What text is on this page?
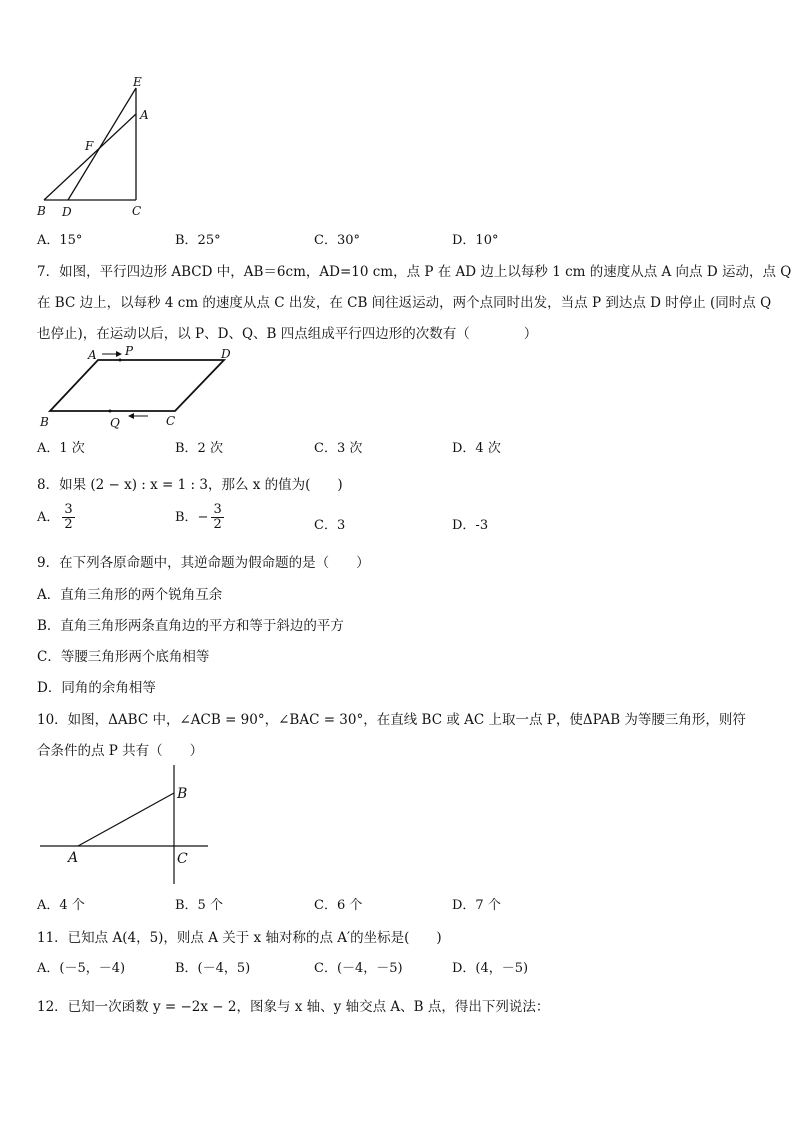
E
A
F
B D	C
A．15°	B．25°	C．30°	D．10°
7．如图，平行四边形 ABCD 中，AB＝6cm，AD=10 cm，点 P 在 AD 边上以每秒 1 cm 的速度从点 A 向点 D 运动，点 Q
在 BC 边上，以每秒 4 cm 的速度从点 C 出发，在 CB 间往返运动，两个点同时出发，当点 P 到达点 D 时停止 (同时点 Q
也停止)，在运动以后，以 P、D、Q、B 四点组成平行四边形的次数有（　　　　）
A P	D
B	Q	C
A．1 次	B．2 次	C．3 次	D．4 次
8．如果 (2 − x) : x = 1 : 3，那么 x 的值为(　　)
A． $\frac{3}{2}$	B．− $\frac{3}{2}$	C．3	D．-3
9．在下列各原命题中，其逆命题为假命题的是（　　）
A．直角三角形的两个锐角互余
B．直角三角形两条直角边的平方和等于斜边的平方
C．等腰三角形两个底角相等
D．同角的余角相等
10．如图，ΔABC 中，∠ACB = 90°，∠BAC = 30°，在直线 BC 或 AC 上取一点 P，使ΔPAB 为等腰三角形，则符
合条件的点 P 共有（　　）
A
B
C
A．4 个	B．5 个	C．6 个	D．7 个
11．已知点 A(4，5)，则点 A 关于 x 轴对称的点 A′的坐标是(　　)
A．(－5，－4)	B．(－4，5)	C．(－4，－5)	D．(4，－5)
12．已知一次函数 y = −2x − 2，图象与 x 轴、y 轴交点 A、B 点，得出下列说法：
